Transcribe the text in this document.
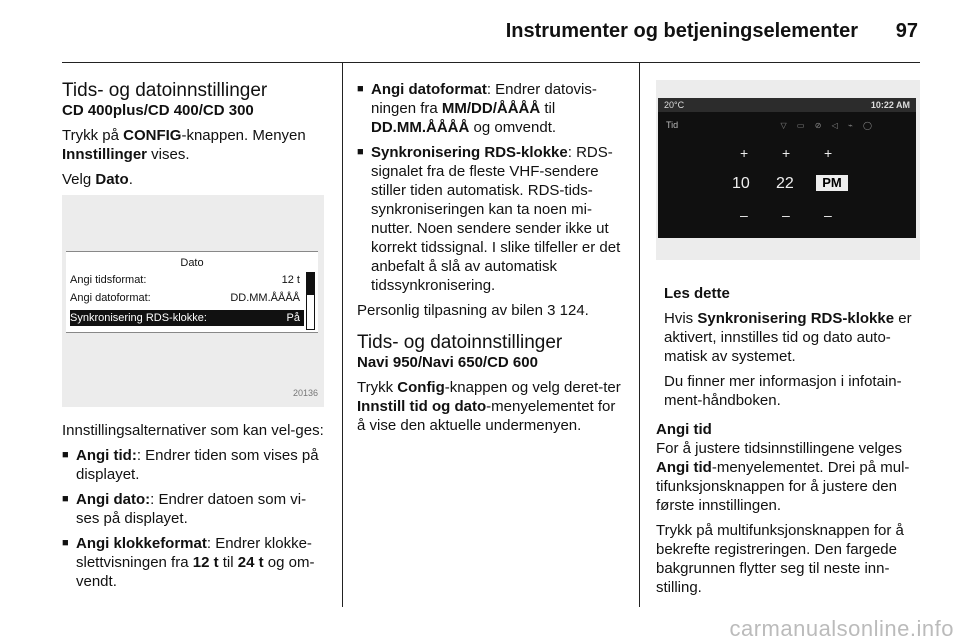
Instrumenter og betjeningselementer 97
Tids- og datoinnstillinger
CD 400plus/CD 400/CD 300

Trykk på CONFIG-knappen. Menyen Innstillinger vises.

Velg Dato.

Dato
Angi tidsformat:	12 t
Angi datoformat:	DD.MM.ÅÅÅÅ
Synkronisering RDS-klokke:	På
20136

Innstillingsalternativer som kan vel-ges:

■ Angi tid:: Endrer tiden som vises på displayet.
■ Angi dato:: Endrer datoen som vi-ses på displayet.
■ Angi klokkeformat: Endrer klokke-slettvisningen fra 12 t til 24 t og om-vendt.
■ Angi datoformat: Endrer datovis-ningen fra MM/DD/ÅÅÅÅ til DD.MM.ÅÅÅÅ og omvendt.
■ Synkronisering RDS-klokke: RDS-signalet fra de fleste VHF-sendere stiller tiden automatisk. RDS-tids-synkroniseringen kan ta noen mi-nutter. Noen sendere sender ikke ut korrekt tidssignal. I slike tilfeller er det anbefalt å slå av automatisk tidssynkronisering.

Personlig tilpasning av bilen 3 124.

Tids- og datoinnstillinger
Navi 950/Navi 650/CD 600

Trykk Config-knappen og velg deret-ter Innstill tid og dato-menyelementet for å vise den aktuelle undermenyen.

20°C	10:22 AM
Tid	▽ ▭ ⊘ ◁ ⌁ ◯
+ + +
10 22	PM
– – –

Les dette

Hvis Synkronisering RDS-klokke er aktivert, innstilles tid og dato auto-matisk av systemet.

Du finner mer informasjon i infotain-ment-håndboken.

Angi tid

For å justere tidsinnstillingene velges Angi tid-menyelementet. Drei på mul-tifunksjonsknappen for å justere den første innstillingen.

Trykk på multifunksjonsknappen for å bekrefte registreringen. Den fargede bakgrunnen flytter seg til neste inn-stilling.

carmanualsonline.info
